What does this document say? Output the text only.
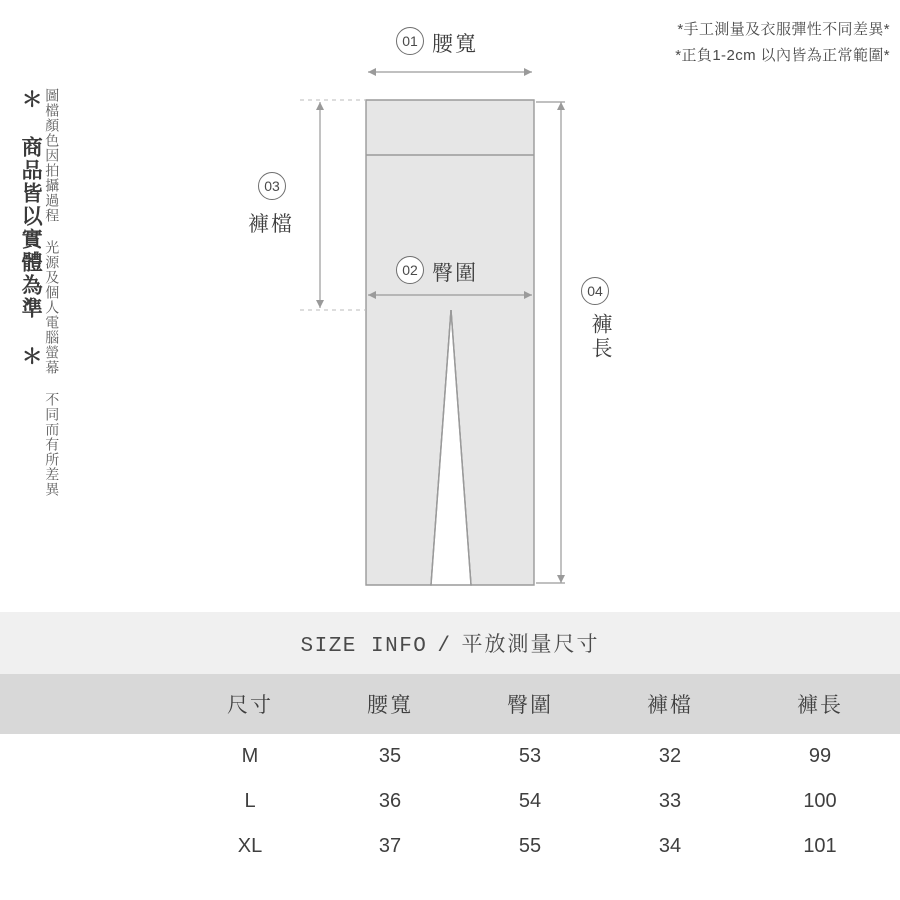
*手工測量及衣服彈性不同差異*
*正負1-2cm 以內皆為正常範圍*
圖檔顏色因拍攝過程 光源及個人電腦螢幕 不同而有所差異
＊ 商品皆以實體為準 ＊
01 腰寬
02 臀圍
03
褲檔
04
褲長
SIZE INFO / 平放測量尺寸
	尺寸	腰寬	臀圍	褲檔	褲長
	M	35	53	32	99
	L	36	54	33	100
	XL	37	55	34	101
